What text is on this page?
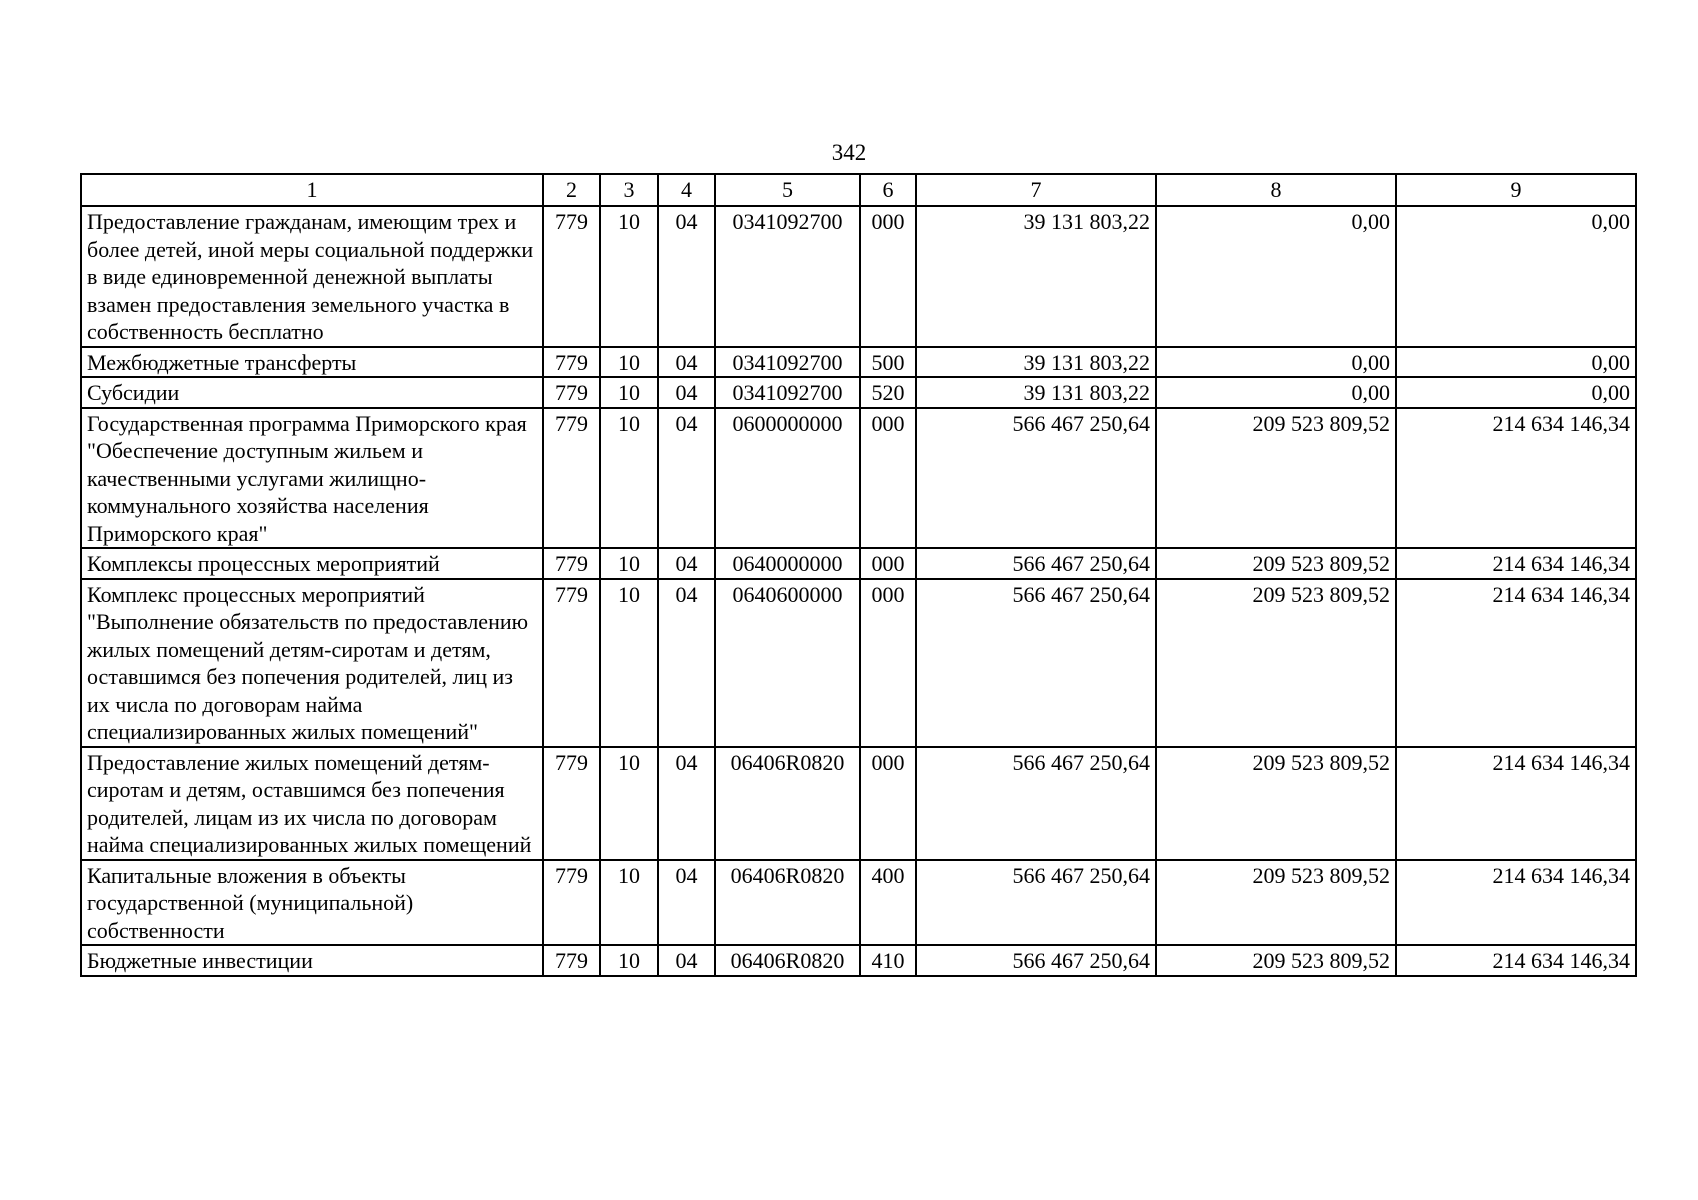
342
1	2	3	4	5	6	7	8	9
Предоставление гражданам, имеющим трех и более детей, иной меры социальной поддержки в виде единовременной денежной выплаты взамен предоставления земельного участка в собственность бесплатно	779	10	04	0341092700	000	39 131 803,22	0,00	0,00
Межбюджетные трансферты	779	10	04	0341092700	500	39 131 803,22	0,00	0,00
Субсидии	779	10	04	0341092700	520	39 131 803,22	0,00	0,00
Государственная программа Приморского края "Обеспечение доступным жильем и качественными услугами жилищно-коммунального хозяйства населения Приморского края"	779	10	04	0600000000	000	566 467 250,64	209 523 809,52	214 634 146,34
Комплексы процессных мероприятий	779	10	04	0640000000	000	566 467 250,64	209 523 809,52	214 634 146,34
Комплекс процессных мероприятий "Выполнение обязательств по предоставлению жилых помещений детям-сиротам и детям, оставшимся без попечения родителей, лиц из их числа по договорам найма специализированных жилых помещений"	779	10	04	0640600000	000	566 467 250,64	209 523 809,52	214 634 146,34
Предоставление жилых помещений детям-сиротам и детям, оставшимся без попечения родителей, лицам из их числа по договорам найма специализированных жилых помещений	779	10	04	06406R0820	000	566 467 250,64	209 523 809,52	214 634 146,34
Капитальные вложения в объекты государственной (муниципальной) собственности	779	10	04	06406R0820	400	566 467 250,64	209 523 809,52	214 634 146,34
Бюджетные инвестиции	779	10	04	06406R0820	410	566 467 250,64	209 523 809,52	214 634 146,34
